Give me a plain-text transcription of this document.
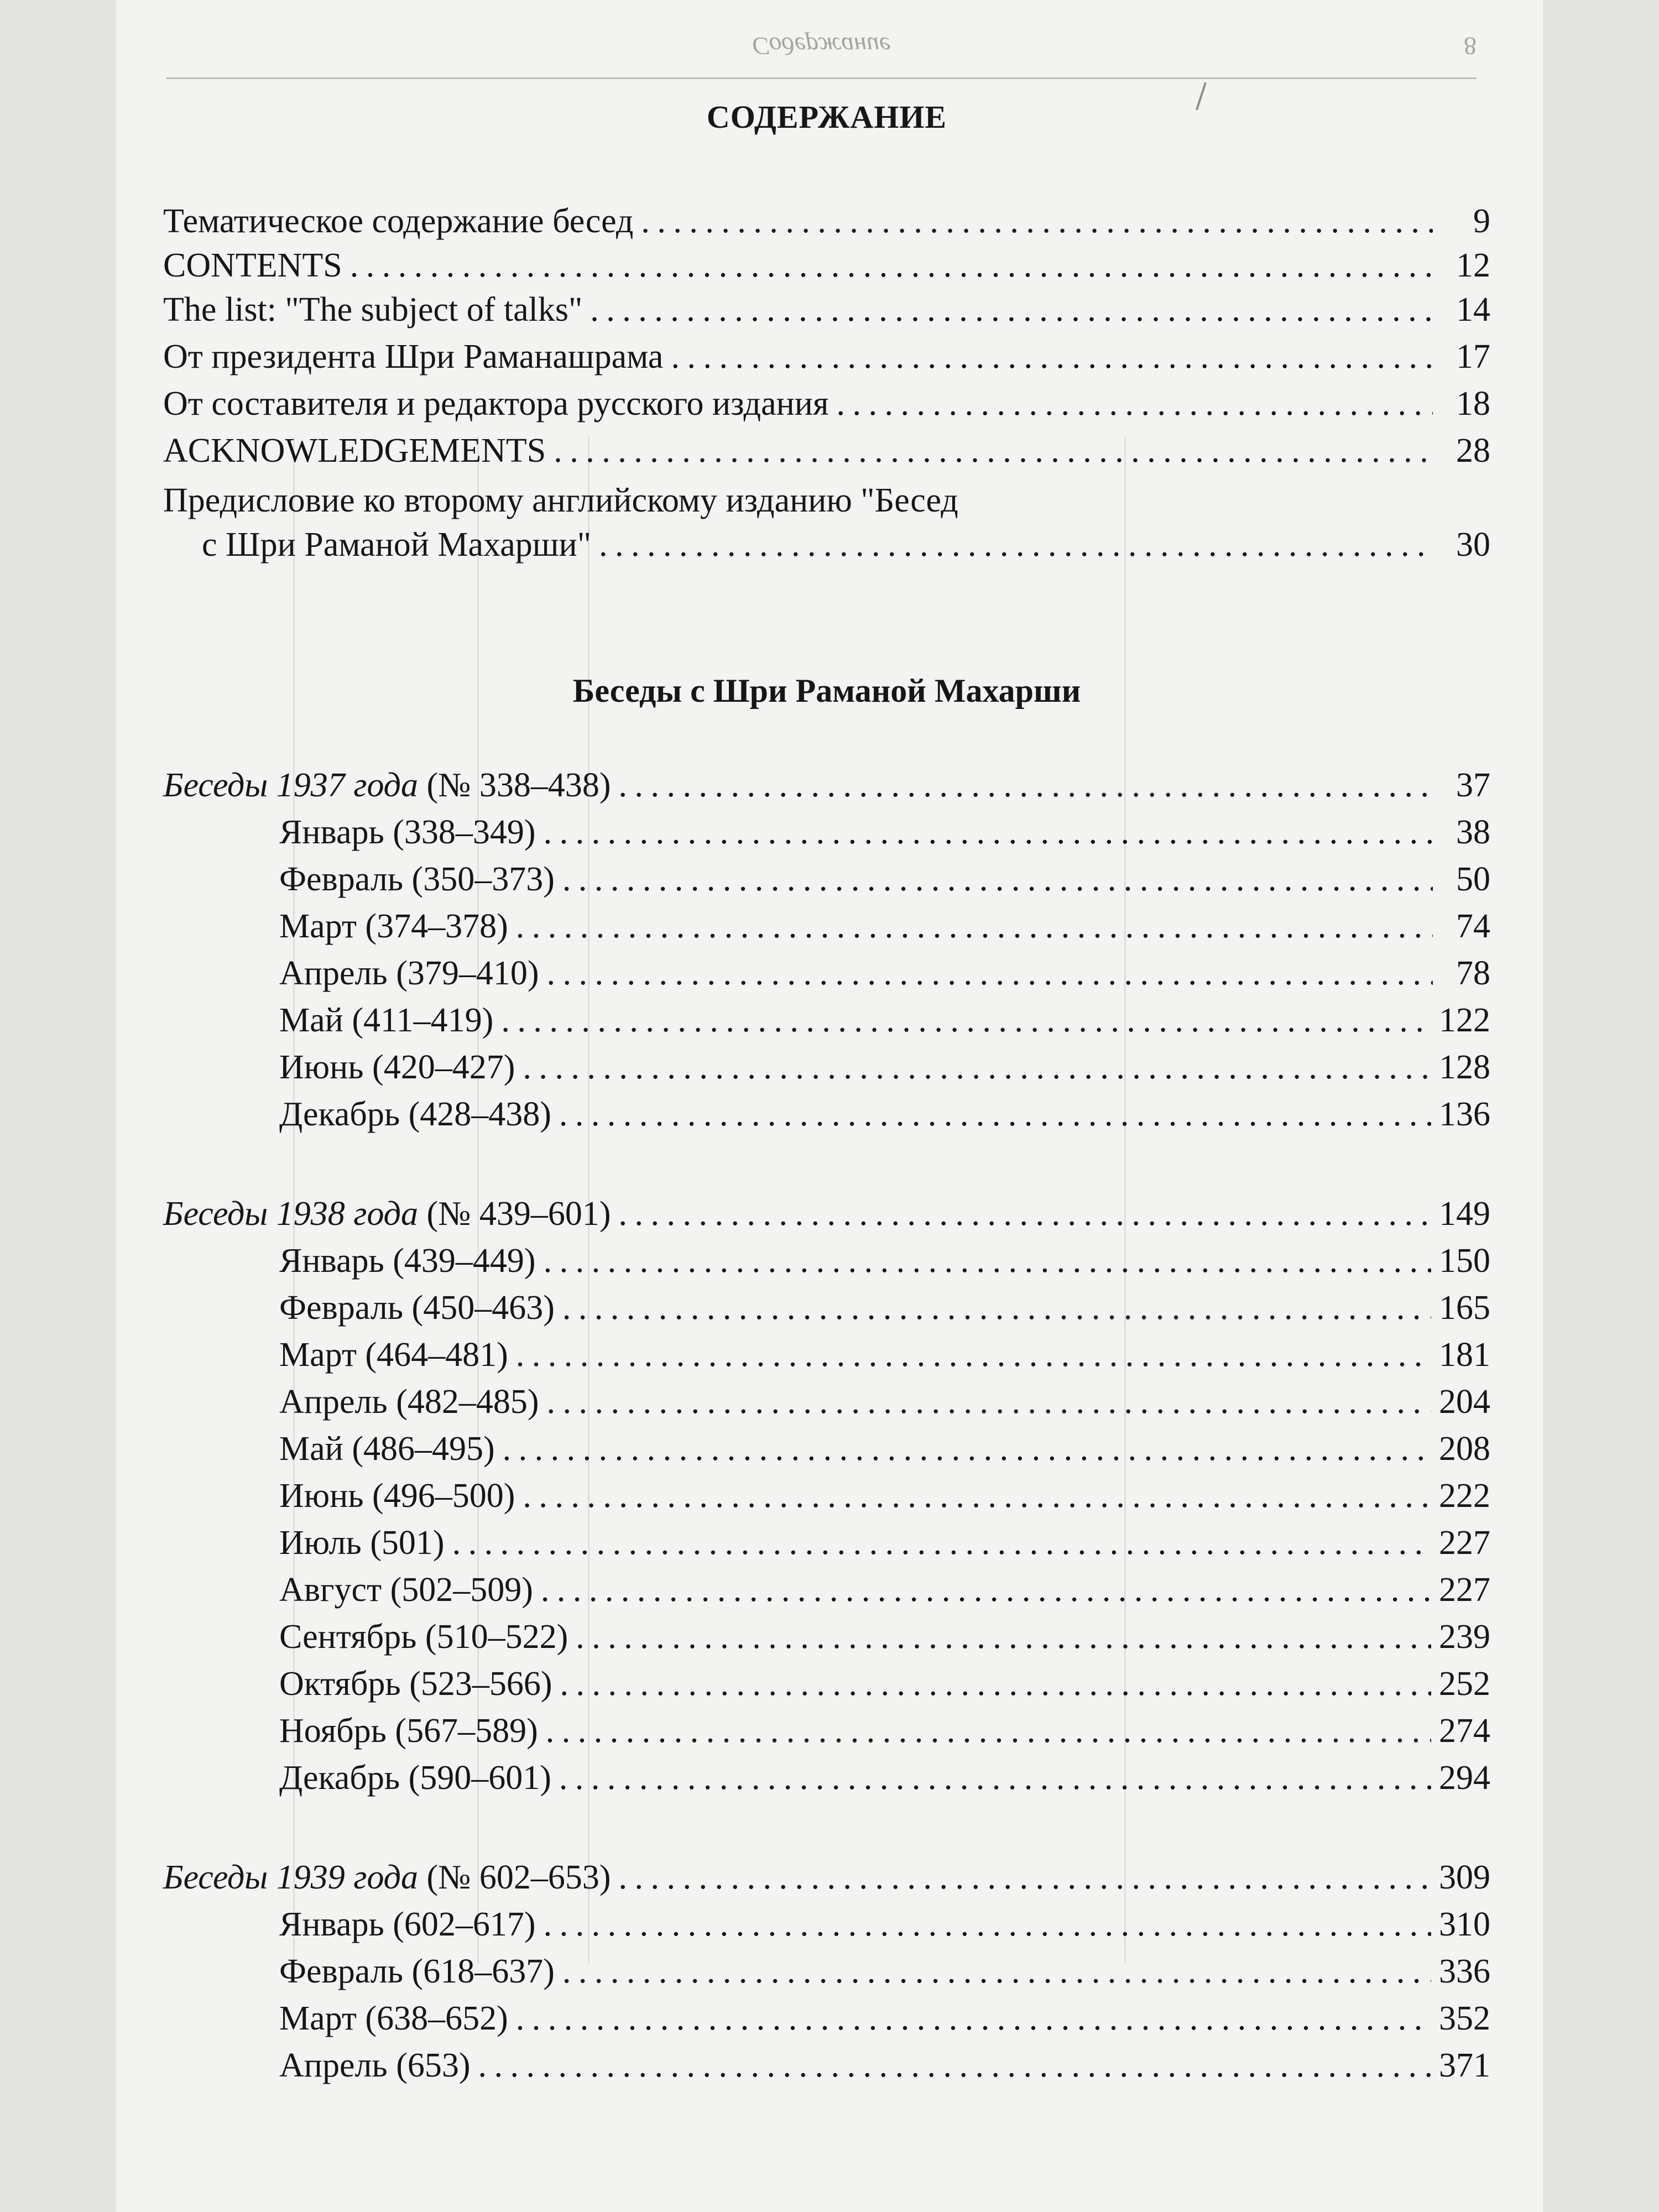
Содержание	8
СОДЕРЖАНИЕ
Тематическое содержание бесед . . .	9
CONTENTS . . .	12
The list: "The subject of talks" . . .	14
От президента Шри Раманашрама . . .	17
От составителя и редактора русского издания . . .	18
ACKNOWLEDGEMENTS . . .	28
Предисловие ко второму английскому изданию "Бесед
с Шри Раманой Махарши" . . .	30
Беседы с Шри Раманой Махарши
Беседы 1937 года (№ 338–438) . . .	37
Январь (338–349) . . .	38
Февраль (350–373) . . .	50
Март (374–378) . . .	74
Апрель (379–410) . . .	78
Май (411–419) . . .	122
Июнь (420–427) . . .	128
Декабрь (428–438) . . .	136
Беседы 1938 года (№ 439–601) . . .	149
Январь (439–449) . . .	150
Февраль (450–463) . . .	165
Март (464–481) . . .	181
Апрель (482–485) . . .	204
Май (486–495) . . .	208
Июнь (496–500) . . .	222
Июль (501) . . .	227
Август (502–509) . . .	227
Сентябрь (510–522) . . .	239
Октябрь (523–566) . . .	252
Ноябрь (567–589) . . .	274
Декабрь (590–601) . . .	294
Беседы 1939 года (№ 602–653) . . .	309
Январь (602–617) . . .	310
Февраль (618–637) . . .	336
Март (638–652) . . .	352
Апрель (653) . . .	371
